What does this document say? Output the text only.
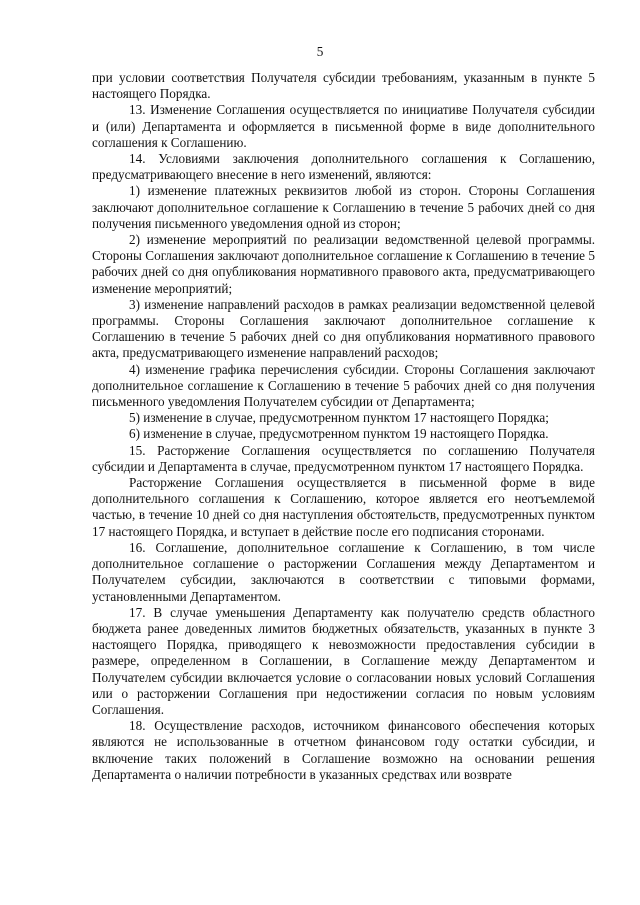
5

при условии соответствия Получателя субсидии требованиям, указанным в пункте 5 настоящего Порядка.

13. Изменение Соглашения осуществляется по инициативе Получателя субсидии и (или) Департамента и оформляется в письменной форме в виде дополнительного соглашения к Соглашению.

14. Условиями заключения дополнительного соглашения к Соглашению, предусматривающего внесение в него изменений, являются:

1) изменение платежных реквизитов любой из сторон. Стороны Соглашения заключают дополнительное соглашение к Соглашению в течение 5 рабочих дней со дня получения письменного уведомления одной из сторон;

2) изменение мероприятий по реализации ведомственной целевой программы. Стороны Соглашения заключают дополнительное соглашение к Соглашению в течение 5 рабочих дней со дня опубликования нормативного правового акта, предусматривающего изменение мероприятий;

3) изменение направлений расходов в рамках реализации ведомственной целевой программы. Стороны Соглашения заключают дополнительное соглашение к Соглашению в течение 5 рабочих дней со дня опубликования нормативного правового акта, предусматривающего изменение направлений расходов;

4) изменение графика перечисления субсидии. Стороны Соглашения заключают дополнительное соглашение к Соглашению в течение 5 рабочих дней со дня получения письменного уведомления Получателем субсидии от Департамента;

5) изменение в случае, предусмотренном пунктом 17 настоящего Порядка;

6) изменение в случае, предусмотренном пунктом 19 настоящего Порядка.

15. Расторжение Соглашения осуществляется по соглашению Получателя субсидии и Департамента в случае, предусмотренном пунктом 17 настоящего Порядка.

Расторжение Соглашения осуществляется в письменной форме в виде дополнительного соглашения к Соглашению, которое является его неотъемлемой частью, в течение 10 дней со дня наступления обстоятельств, предусмотренных пунктом 17 настоящего Порядка, и вступает в действие после его подписания сторонами.

16. Соглашение, дополнительное соглашение к Соглашению, в том числе дополнительное соглашение о расторжении Соглашения между Департаментом и Получателем субсидии, заключаются в соответствии с типовыми формами, установленными Департаментом.

17. В случае уменьшения Департаменту как получателю средств областного бюджета ранее доведенных лимитов бюджетных обязательств, указанных в пункте 3 настоящего Порядка, приводящего к невозможности предоставления субсидии в размере, определенном в Соглашении, в Соглашение между Департаментом и Получателем субсидии включается условие о согласовании новых условий Соглашения или о расторжении Соглашения при недостижении согласия по новым условиям Соглашения.

18. Осуществление расходов, источником финансового обеспечения которых являются не использованные в отчетном финансовом году остатки субсидии, и включение таких положений в Соглашение возможно на основании решения Департамента о наличии потребности в указанных средствах или возврате
